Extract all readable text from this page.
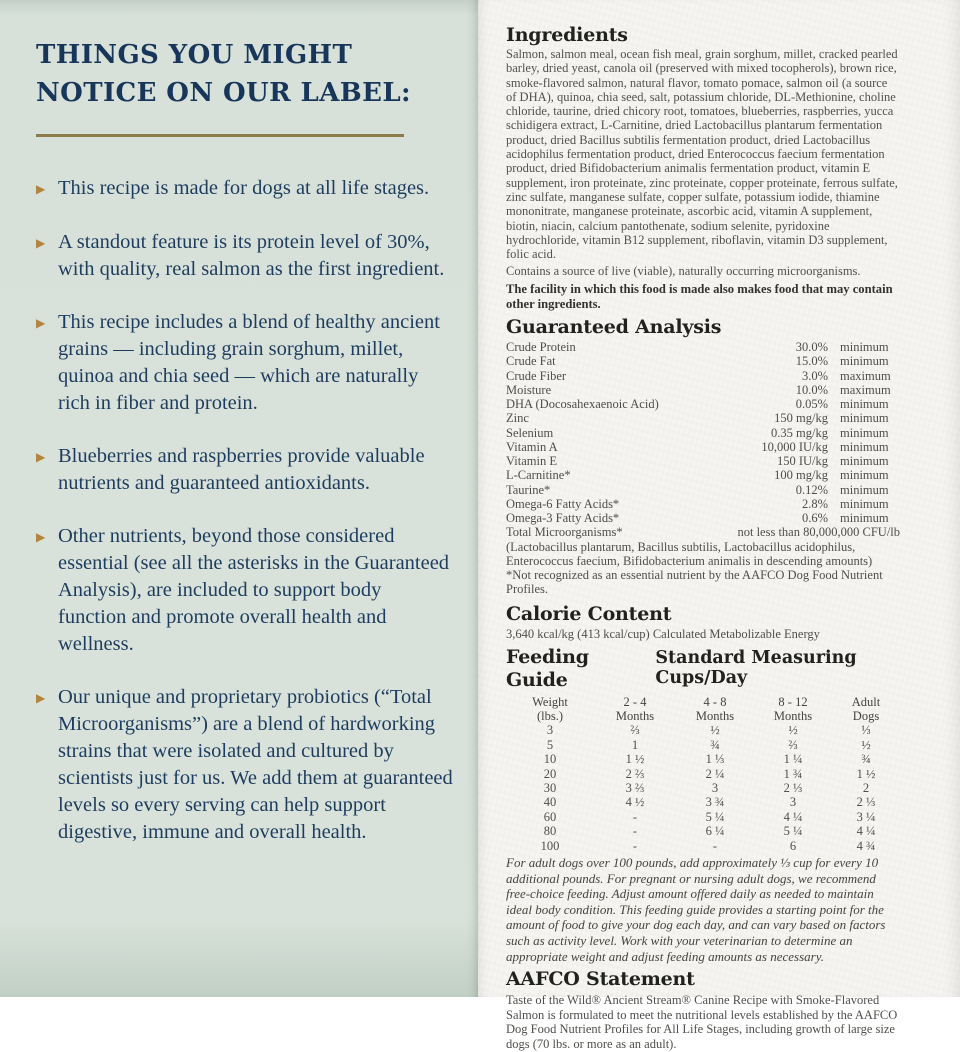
THINGS YOU MIGHT
NOTICE ON OUR LABEL:
▶ This recipe is made for dogs at all life stages.
▶ A standout feature is its protein level of 30%, with quality, real salmon as the first ingredient.
▶ This recipe includes a blend of healthy ancient grains — including grain sorghum, millet, quinoa and chia seed — which are naturally rich in fiber and protein.
▶ Blueberries and raspberries provide valuable nutrients and guaranteed antioxidants.
▶ Other nutrients, beyond those considered essential (see all the asterisks in the Guaranteed Analysis), are included to support body function and promote overall health and wellness.
▶ Our unique and proprietary probiotics (“Total Microorganisms”) are a blend of hardworking strains that were isolated and cultured by scientists just for us. We add them at guaranteed levels so every serving can help support digestive, immune and overall health.
Ingredients

Salmon, salmon meal, ocean fish meal, grain sorghum, millet, cracked pearled barley, dried yeast, canola oil (preserved with mixed tocopherols), brown rice, smoke-flavored salmon, natural flavor, tomato pomace, salmon oil (a source of DHA), quinoa, chia seed, salt, potassium chloride, DL-Methionine, choline chloride, taurine, dried chicory root, tomatoes, blueberries, raspberries, yucca schidigera extract, L-Carnitine, dried Lactobacillus plantarum fermentation product, dried Bacillus subtilis fermentation product, dried Lactobacillus acidophilus fermentation product, dried Enterococcus faecium fermentation product, dried Bifidobacterium animalis fermentation product, vitamin E supplement, iron proteinate, zinc proteinate, copper proteinate, ferrous sulfate, zinc sulfate, manganese sulfate, copper sulfate, potassium iodide, thiamine mononitrate, manganese proteinate, ascorbic acid, vitamin A supplement, biotin, niacin, calcium pantothenate, sodium selenite, pyridoxine hydrochloride, vitamin B12 supplement, riboflavin, vitamin D3 supplement, folic acid.

Contains a source of live (viable), naturally occurring microorganisms.

The facility in which this food is made also makes food that may contain other ingredients.

Guaranteed Analysis
Crude Protein	30.0% minimum
Crude Fat	15.0% minimum
Crude Fiber	3.0% maximum
Moisture	10.0% maximum
DHA (Docosahexaenoic Acid)	0.05% minimum
Zinc	150 mg/kg minimum
Selenium	0.35 mg/kg minimum
Vitamin A	10,000 IU/kg minimum
Vitamin E	150 IU/kg minimum
L-Carnitine*	100 mg/kg minimum
Taurine*	0.12% minimum
Omega-6 Fatty Acids*	2.8% minimum
Omega-3 Fatty Acids*	0.6% minimum
Total Microorganisms*	not less than 80,000,000 CFU/lb

(Lactobacillus plantarum, Bacillus subtilis, Lactobacillus acidophilus, Enterococcus faecium, Bifidobacterium animalis in descending amounts)

*Not recognized as an essential nutrient by the AAFCO Dog Food Nutrient Profiles.

Calorie Content

3,640 kcal/kg (413 kcal/cup) Calculated Metabolizable Energy

Feeding Guide
Standard Measuring Cups/Day
Weight	2 - 4	4 - 8	8 - 12	Adult
(lbs.)	Months	Months	Months	Dogs
3	⅔	½	½	⅓
5	1	¾	⅔	½
10	1 ½	1 ⅓	1 ¼	¾
20	2 ⅔	2 ¼	1 ¾	1 ½
30	3 ⅔	3	2 ⅓	2
40	4 ½	3 ¾	3	2 ⅓
60	-	5 ¼	4 ¼	3 ¼
80	-	6 ¼	5 ¼	4 ¼
100	-	-	6	4 ¾

For adult dogs over 100 pounds, add approximately ⅓ cup for every 10 additional pounds. For pregnant or nursing adult dogs, we recommend free-choice feeding. Adjust amount offered daily as needed to maintain ideal body condition. This feeding guide provides a starting point for the amount of food to give your dog each day, and can vary based on factors such as activity level. Work with your veterinarian to determine an appropriate weight and adjust feeding amounts as necessary.

AAFCO Statement

Taste of the Wild® Ancient Stream® Canine Recipe with Smoke-Flavored Salmon is formulated to meet the nutritional levels established by the AAFCO Dog Food Nutrient Profiles for All Life Stages, including growth of large size dogs (70 lbs. or more as an adult).
